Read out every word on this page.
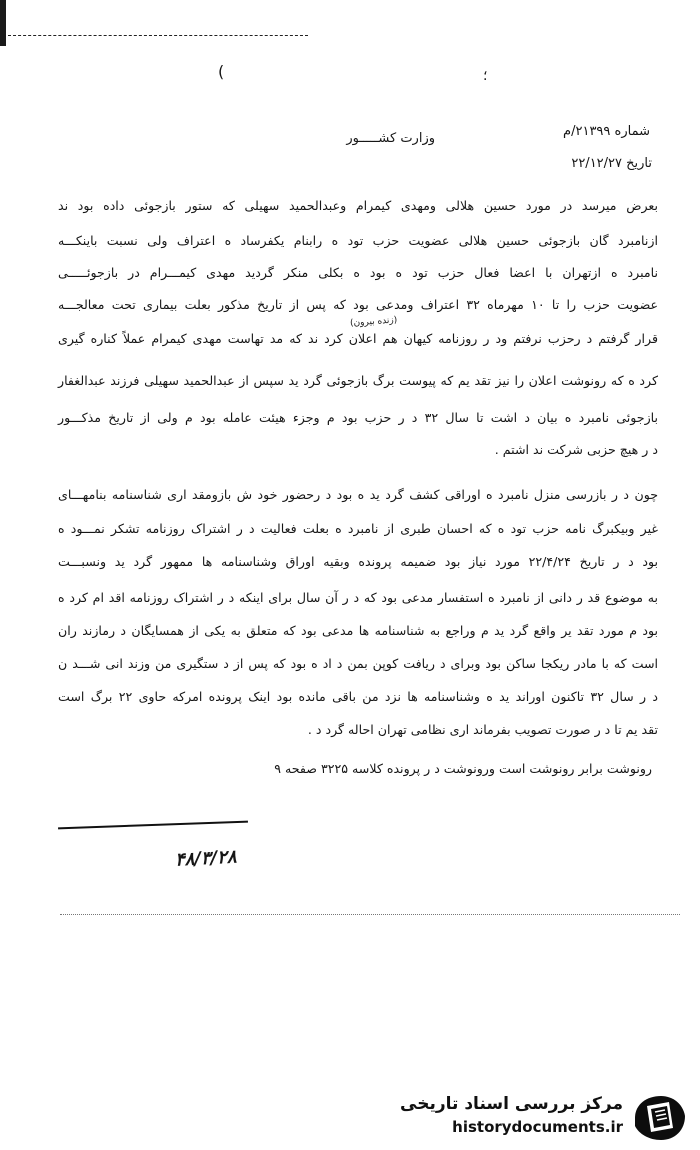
(	؛
شماره ۲۱۳۹۹/م
وزارت کشـــــور
تاریخ ۲۲/۱۲/۲۷
بعرض میرسد در مورد حسین هلالی ومهدی کیمرام وعبدالحمید سهیلی که ستور بازجوئی داده بود ند
ازنامبرد گان بازجوئی حسین هلالی عضویت حزب تود ه رابنام یکفرساد ه اعتراف ولی نسبت باینکـــه
نامبرد ه ازتهران با اعضا فعال حزب تود ه بود ه بکلی منکر گردید مهدی کیمـــرام در بازجوئـــــی
عضویت حزب را تا ۱۰ مهرماه ۳۲ اعتراف ومدعی بود که پس از تاریخ مذکور بعلت بیماری تحت معالجـــه
(زنده بیرون)
قرار گرفتم د رحزب نرفتم ود ر روزنامه کیهان هم اعلان کرد ند که مد تهاست مهدی کیمرام عملاً کناره گیری
کرد ه که رونوشت اعلان را نیز تقد یم که پیوست برگ بازجوئی گرد ید سپس از عبدالحمید سهیلی فرزند عبدالغفار
بازجوئی نامبرد ه بیان د اشت تا سال ۳۲ د ر حزب بود م وجزء هیئت عامله بود م ولی از تاریخ مذکـــور
د ر هیچ حزبی شرکت ند اشتم .
چون د ر بازرسی منزل نامبرد ه اوراقی کشف گرد ید ه بود د رحضور خود ش بازومقد اری شناسنامه بنامهـــای
غیر وبیکبرگ نامه حزب تود ه که احسان طبری از نامبرد ه بعلت فعالیت د ر اشتراک روزنامه تشکر نمـــود ه
بود د ر تاریخ ۲۲/۴/۲۴ مورد نیاز بود ضمیمه پرونده وبقیه اوراق وشناسنامه ها ممهور گرد ید ونسبـــت
به موضوع قد ر دانی از نامبرد ه استفسار مدعی بود که د ر آن سال برای اینکه د ر اشتراک روزنامه اقد ام کرد ه
بود م مورد تقد یر واقع گرد ید م وراجع به شناسنامه ها مدعی بود که متعلق به یکی از همسایگان د رمازند ران
است که با مادر ریکجا ساکن بود وبرای د ریافت کوپن بمن د اد ه بود که پس از د ستگیری من وزند انی شـــد ن
د ر سال ۳۲ تاکنون اوراند ید ه وشناسنامه ها نزد من باقی مانده بود اینک پرونده امرکه حاوی ۲۲ برگ است
تقد یم تا د ر صورت تصویب بفرماند اری نظامی تهران احاله گرد د .
رونوشت برابر رونوشت است ورونوشت د ر پرونده کلاسه ۳۲۲۵ صفحه ۹
۴۸/۳/۲۸
مرکز بررسی اسناد تاریخی
historydocuments.ir
